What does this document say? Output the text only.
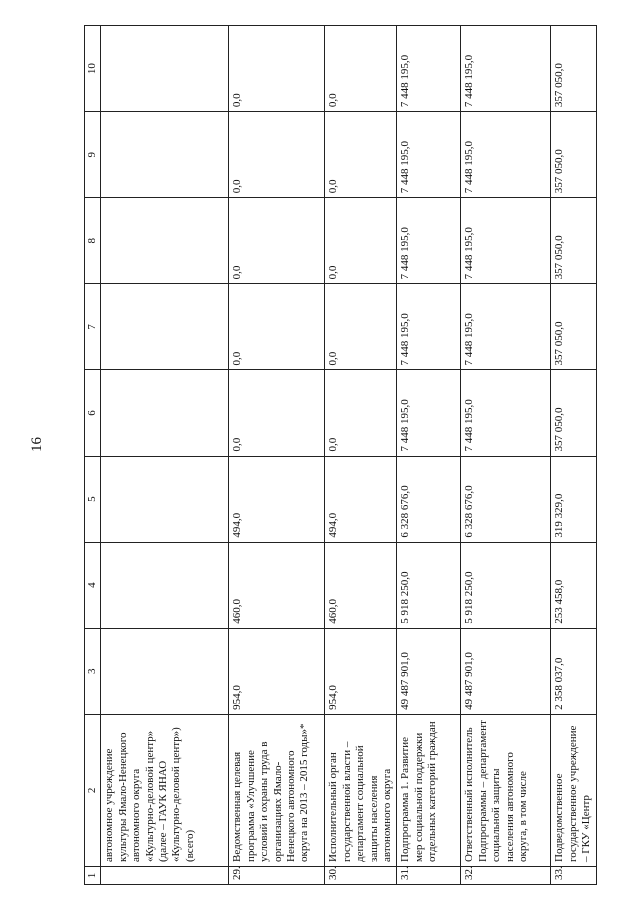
16
1	2	3	4	5	6	7	8	9	10
	автономное учреждение культуры Ямало-Ненецкого автономного округа «Культурно-деловой центр» (далее – ГАУК ЯНАО «Культурно-деловой центр») (всего)								
29.	Ведомственная целевая программа «Улучшение условий и охраны труда в организациях Ямало-Ненецкого автономного округа на 2013 – 2015 годы»*	954,0	460,0	494,0	0,0	0,0	0,0	0,0	0,0
30.	Исполнительный орган государственной власти – департамент социальной защиты населения автономного округа	954,0	460,0	494,0	0,0	0,0	0,0	0,0	0,0
31.	Подпрограмма 1. Развитие мер социальной поддержки отдельных категорий граждан	49 487 901,0	5 918 250,0	6 328 676,0	7 448 195,0	7 448 195,0	7 448 195,0	7 448 195,0	7 448 195,0
32.	Ответственный исполнитель Подпрограммы – департамент социальной защиты населения автономного округа, в том числе	49 487 901,0	5 918 250,0	6 328 676,0	7 448 195,0	7 448 195,0	7 448 195,0	7 448 195,0	7 448 195,0
33.	Подведомственное государственное учреждение – ГКУ «Центр	2 358 037,0	253 458,0	319 329,0	357 050,0	357 050,0	357 050,0	357 050,0	357 050,0
